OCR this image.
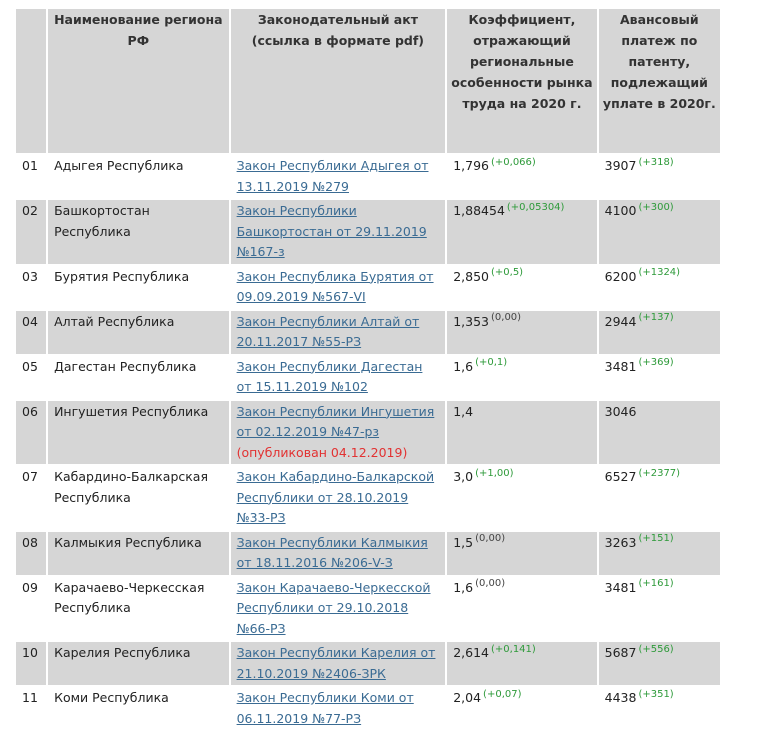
	Наименование региона РФ	Законодательный акт (ссылка в формате pdf)	Коэффициент, отражающий региональные особенности рынка труда на 2020 г.	Авансовый платеж по патенту, подлежащий уплате в 2020г.
01	Адыгея Республика	Закон Республики Адыгея от 13.11.2019 №279	1,796 $^{(+0,066)}$	3907 $^{(+318)}$
02	Башкортостан Республика	Закон Республики Башкортостан от 29.11.2019 №167-з	1,88454 $^{(+0,05304)}$	4100 $^{(+300)}$
03	Бурятия Республика	Закон Республика Бурятия от 09.09.2019 №567-VI	2,850 $^{(+0,5)}$	6200 $^{(+1324)}$
04	Алтай Республика	Закон Республики Алтай от 20.11.2017 №55-РЗ	1,353 $^{(0,00)}$	2944 $^{(+137)}$
05	Дагестан Республика	Закон Республики Дагестан от 15.11.2019 №102	1,6 $^{(+0,1)}$	3481 $^{(+369)}$
06	Ингушетия Республика	Закон Республики Ингушетия от 02.12.2019 №47-рз (опубликован 04.12.2019)	1,4	3046
07	Кабардино-Балкарская Республика	Закон Кабардино-Балкарской Республики от 28.10.2019 №33-РЗ	3,0 $^{(+1,00)}$	6527 $^{(+2377)}$
08	Калмыкия Республика	Закон Республики Калмыкия от 18.11.2016 №206-V-З	1,5 $^{(0,00)}$	3263 $^{(+151)}$
09	Карачаево-Черкесская Республика	Закон Карачаево-Черкесской Республики от 29.10.2018 №66-РЗ	1,6 $^{(0,00)}$	3481 $^{(+161)}$
10	Карелия Республика	Закон Республики Карелия от 21.10.2019 №2406-ЗРК	2,614 $^{(+0,141)}$	5687 $^{(+556)}$
11	Коми Республика	Закон Республики Коми от 06.11.2019 №77-РЗ	2,04 $^{(+0,07)}$	4438 $^{(+351)}$
